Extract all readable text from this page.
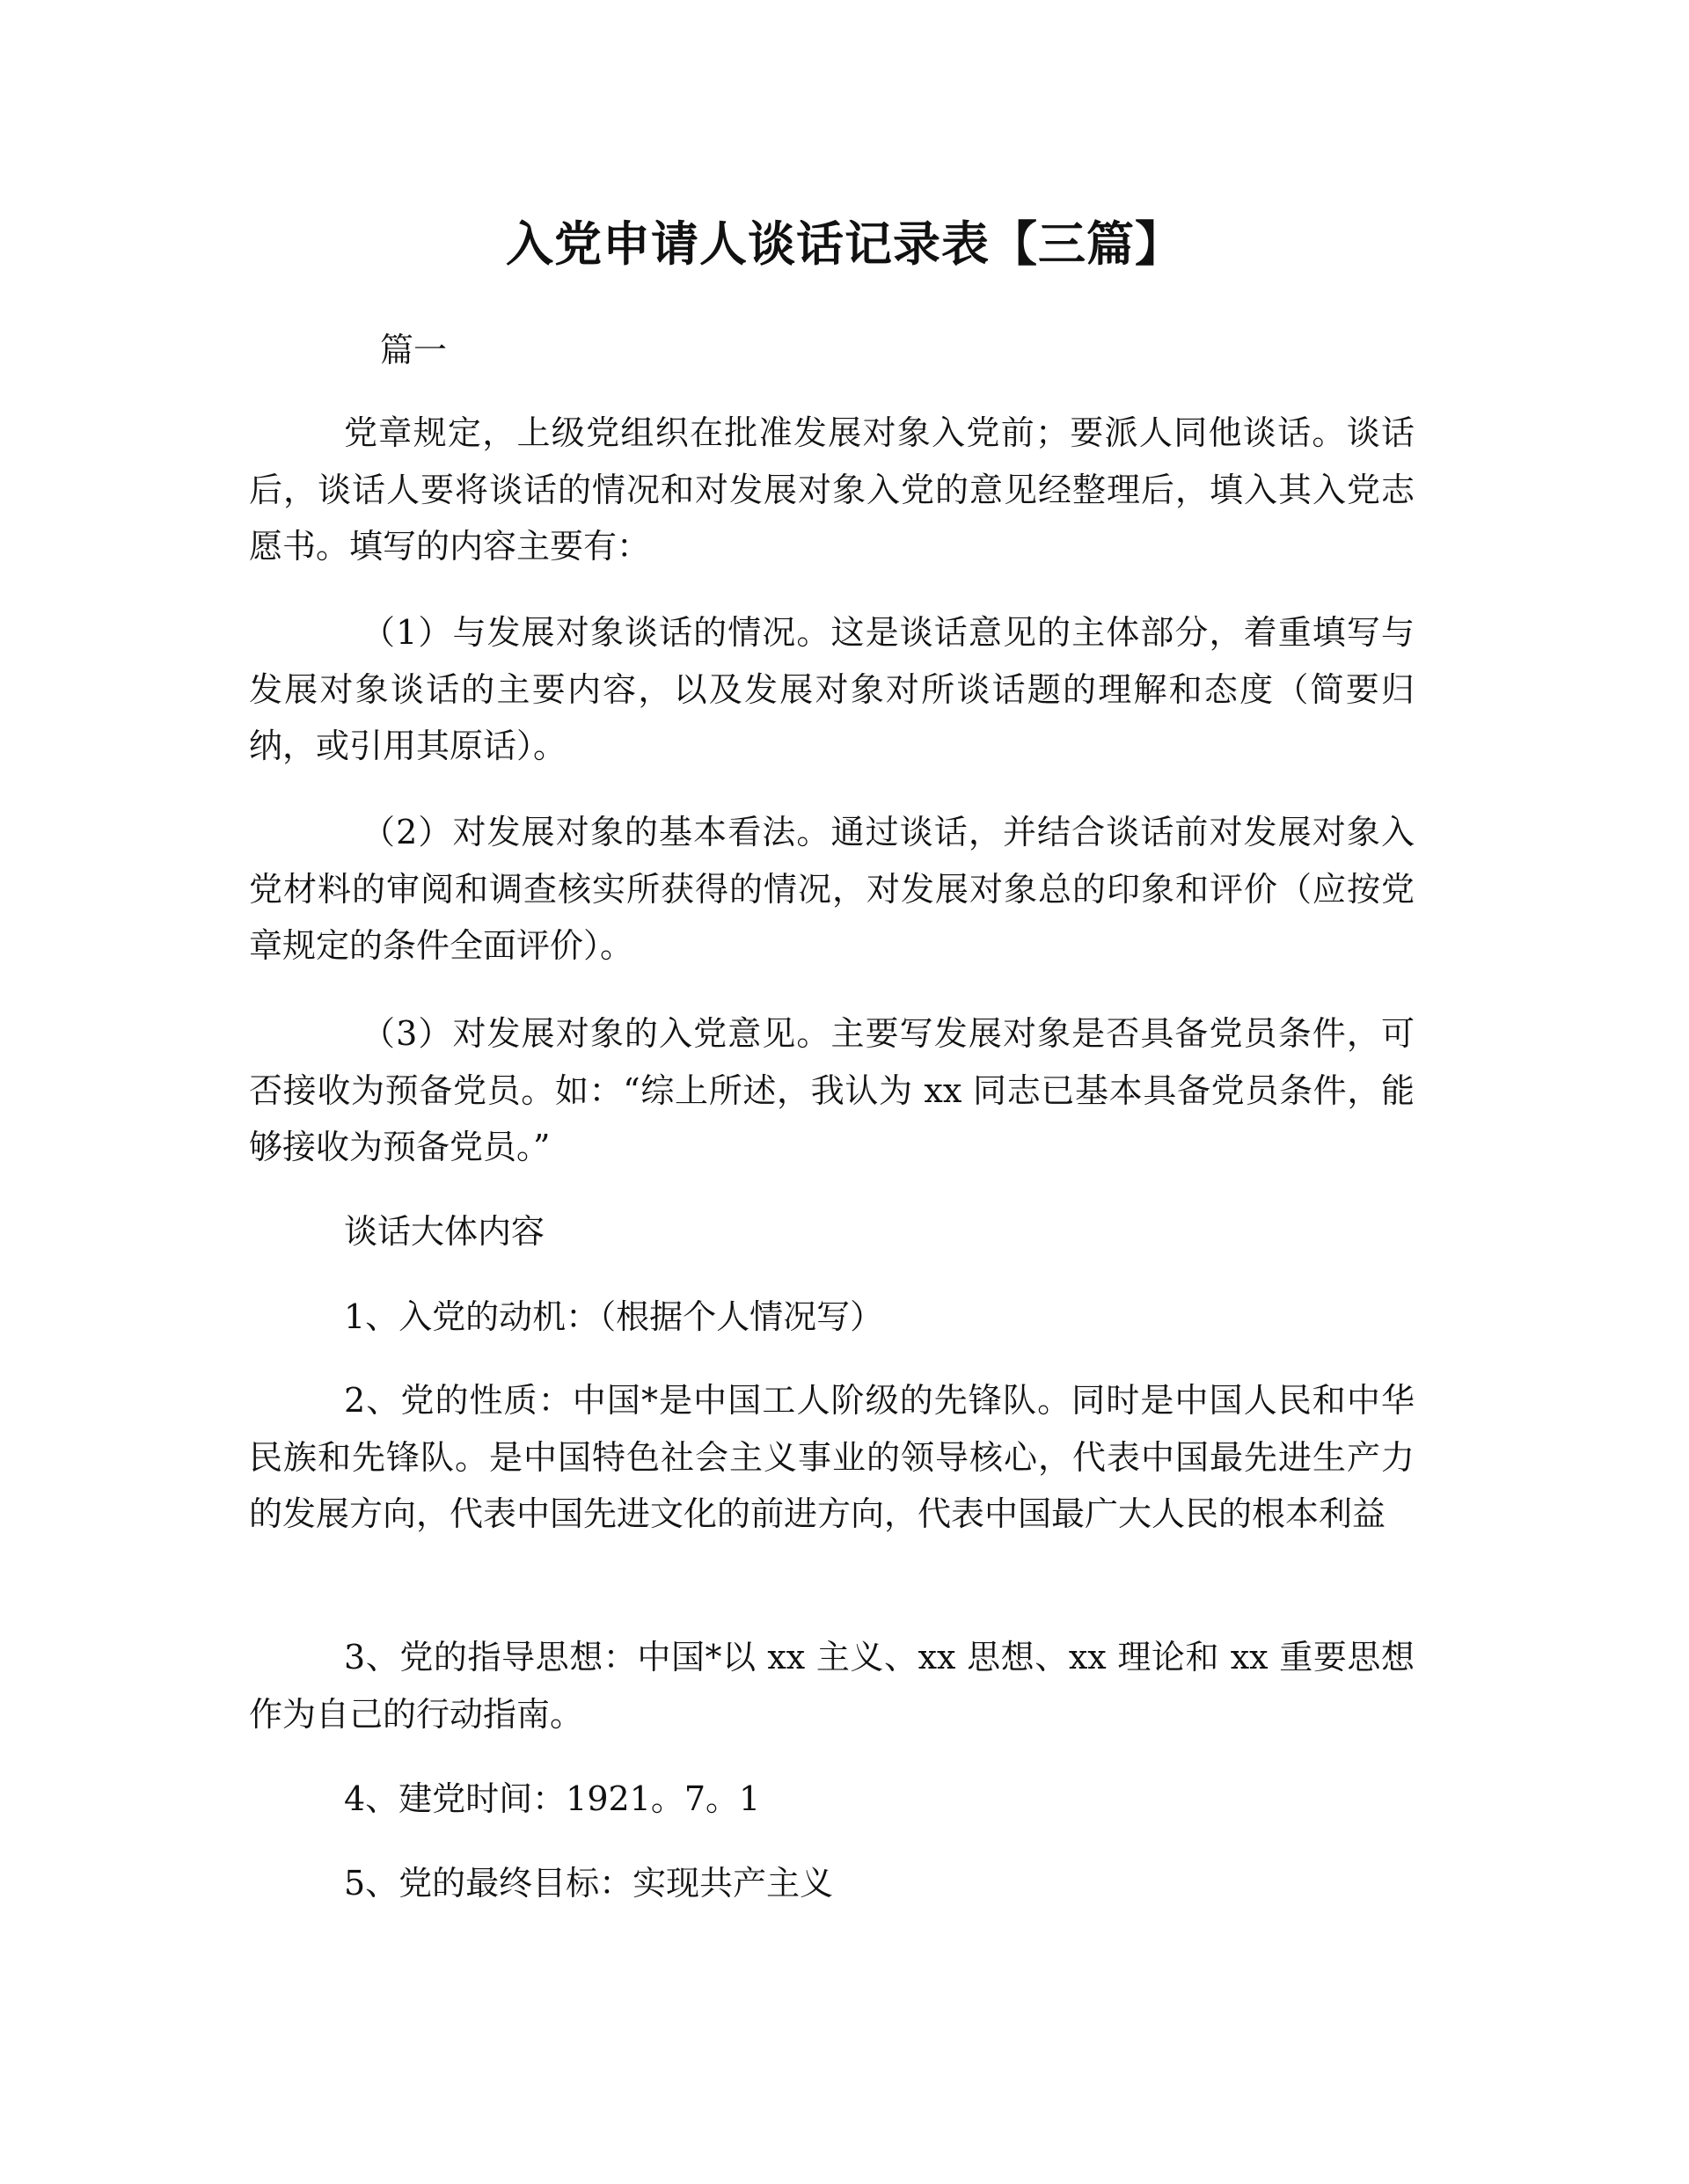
入党申请人谈话记录表【三篇】
篇一

党章规定，上级党组织在批准发展对象入党前；要派人同他谈话。谈话后，谈话人要将谈话的情况和对发展对象入党的意见经整理后，填入其入党志愿书。填写的内容主要有：

（1）与发展对象谈话的情况。这是谈话意见的主体部分，着重填写与发展对象谈话的主要内容，以及发展对象对所谈话题的理解和态度（简要归纳，或引用其原话）。

（2）对发展对象的基本看法。通过谈话，并结合谈话前对发展对象入党材料的审阅和调查核实所获得的情况，对发展对象总的印象和评价（应按党章规定的条件全面评价）。

（3）对发展对象的入党意见。主要写发展对象是否具备党员条件，可否接收为预备党员。如：“综上所述，我认为 xx 同志已基本具备党员条件，能够接收为预备党员。”

谈话大体内容

1、入党的动机：（根据个人情况写）

2、党的性质：中国*是中国工人阶级的先锋队。同时是中国人民和中华民族和先锋队。是中国特色社会主义事业的领导核心，代表中国最先进生产力的发展方向，代表中国先进文化的前进方向，代表中国最广大人民的根本利益

3、党的指导思想：中国*以 xx 主义、xx 思想、xx 理论和 xx 重要思想作为自己的行动指南。

4、建党时间：1921。7。1

5、党的最终目标：实现共产主义
